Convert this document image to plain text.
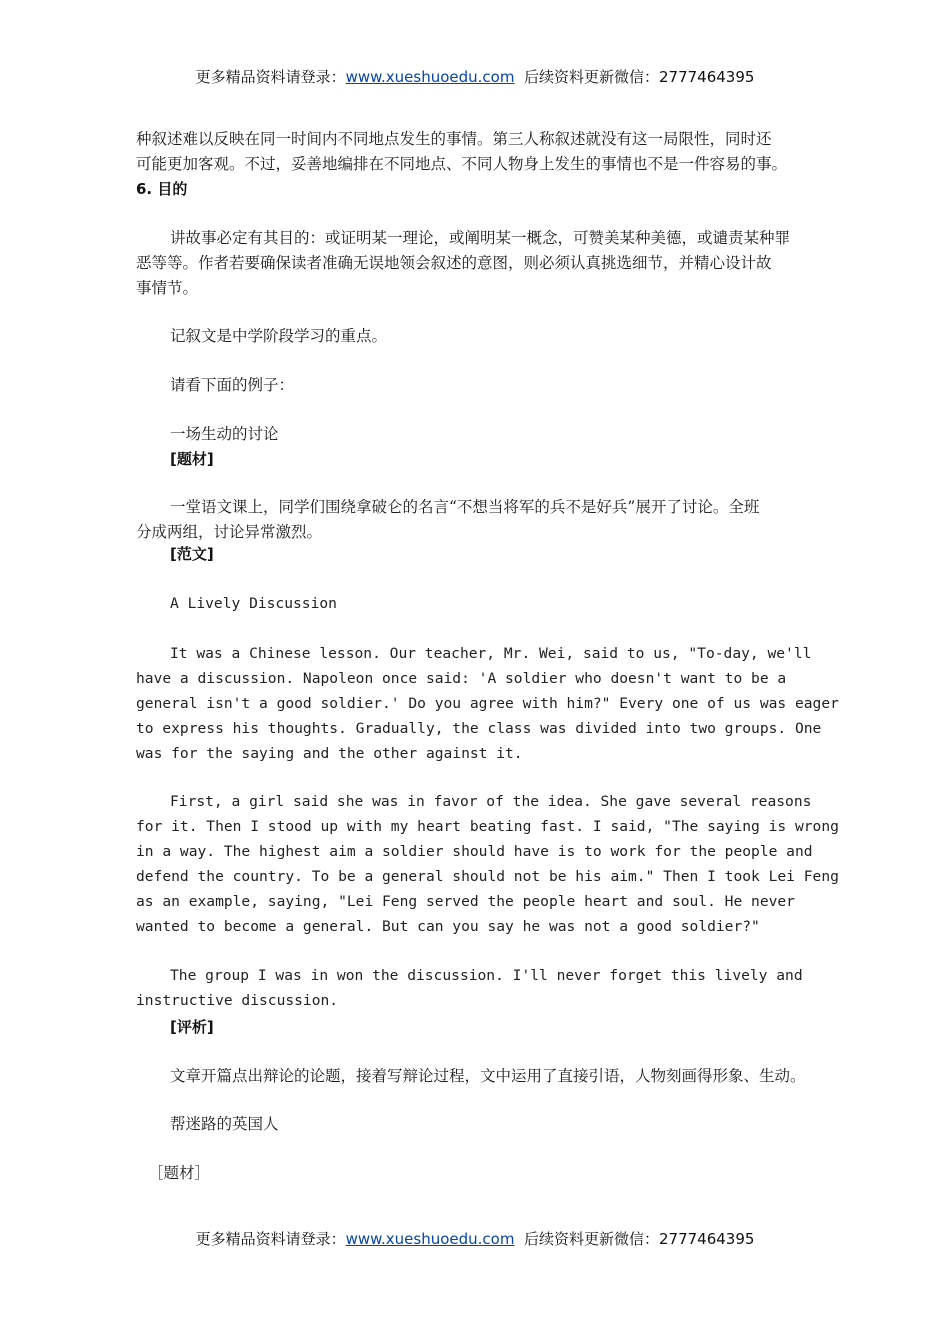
更多精品资料请登录：www.xueshuoedu.com 后续资料更新微信：2777464395
种叙述难以反映在同一时间内不同地点发生的事情。第三人称叙述就没有这一局限性，同时还
可能更加客观。不过，妥善地编排在不同地点、不同人物身上发生的事情也不是一件容易的事。
6. 目的
讲故事必定有其目的：或证明某一理论，或阐明某一概念，可赞美某种美德，或谴责某种罪
恶等等。作者若要确保读者准确无误地领会叙述的意图，则必须认真挑选细节，并精心设计故
事情节。
记叙文是中学阶段学习的重点。
请看下面的例子：
一场生动的讨论
[题材]
一堂语文课上，同学们围绕拿破仑的名言“不想当将军的兵不是好兵”展开了讨论。全班
分成两组，讨论异常激烈。
[范文]
A Lively Discussion
It was a Chinese lesson. Our teacher, Mr. Wei, said to us, "To-day, we'll
have a discussion. Napoleon once said: 'A soldier who doesn't want to be a
general isn't a good soldier.' Do you agree with him?" Every one of us was eager
to express his thoughts. Gradually, the class was divided into two groups. One
was for the saying and the other against it.
First, a girl said she was in favor of the idea. She gave several reasons
for it. Then I stood up with my heart beating fast. I said, "The saying is wrong
in a way. The highest aim a soldier should have is to work for the people and
defend the country. To be a general should not be his aim." Then I took Lei Feng
as an example, saying, "Lei Feng served the people heart and soul. He never
wanted to become a general. But can you say he was not a good soldier?"
The group I was in won the discussion. I'll never forget this lively and
instructive discussion.
[评析]
文章开篇点出辩论的论题，接着写辩论过程，文中运用了直接引语，人物刻画得形象、生动。
帮迷路的英国人
［题材］
更多精品资料请登录：www.xueshuoedu.com 后续资料更新微信：2777464395
